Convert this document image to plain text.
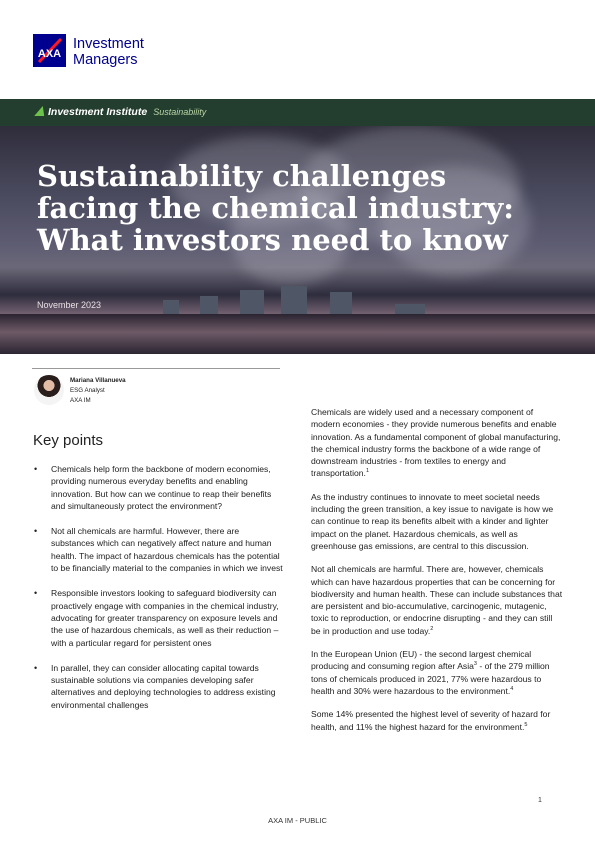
AXA
Investment
Managers
Investment Institute Sustainability
Sustainability challenges facing the chemical industry: What investors need to know
November 2023
Mariana Villanueva
ESG Analyst
AXA IM
Key points
• Chemicals help form the backbone of modern economies, providing numerous everyday benefits and enabling innovation. But how can we continue to reap their benefits and simultaneously protect the environment?
• Not all chemicals are harmful. However, there are substances which can negatively affect nature and human health. The impact of hazardous chemicals has the potential to be financially material to the companies in which we invest
• Responsible investors looking to safeguard biodiversity can proactively engage with companies in the chemical industry, advocating for greater transparency on exposure levels and the use of hazardous chemicals, as well as their reduction – with a particular regard for persistent ones
• In parallel, they can consider allocating capital towards sustainable solutions via companies developing safer alternatives and deploying technologies to address existing environmental challenges

Chemicals are widely used and a necessary component of modern economies - they provide numerous benefits and enable innovation. As a fundamental component of global manufacturing, the chemical industry forms the backbone of a wide range of downstream industries - from textiles to energy and transportation.$^1$

As the industry continues to innovate to meet societal needs including the green transition, a key issue to navigate is how we can continue to reap its benefits albeit with a kinder and lighter impact on the planet. Hazardous chemicals, as well as greenhouse gas emissions, are central to this discussion.

Not all chemicals are harmful. There are, however, chemicals which can have hazardous properties that can be concerning for biodiversity and human health. These can include substances that are persistent and bio-accumulative, carcinogenic, mutagenic, toxic to reproduction, or endocrine disrupting - and they can still be in production and use today.$^2$

In the European Union (EU) - the second largest chemical producing and consuming region after Asia$^3$ - of the 279 million tons of chemicals produced in 2021, 77% were hazardous to health and 30% were hazardous to the environment.$^4$

Some 14% presented the highest level of severity of hazard for health, and 11% the highest hazard for the environment.$^5$

1
AXA IM - PUBLIC
